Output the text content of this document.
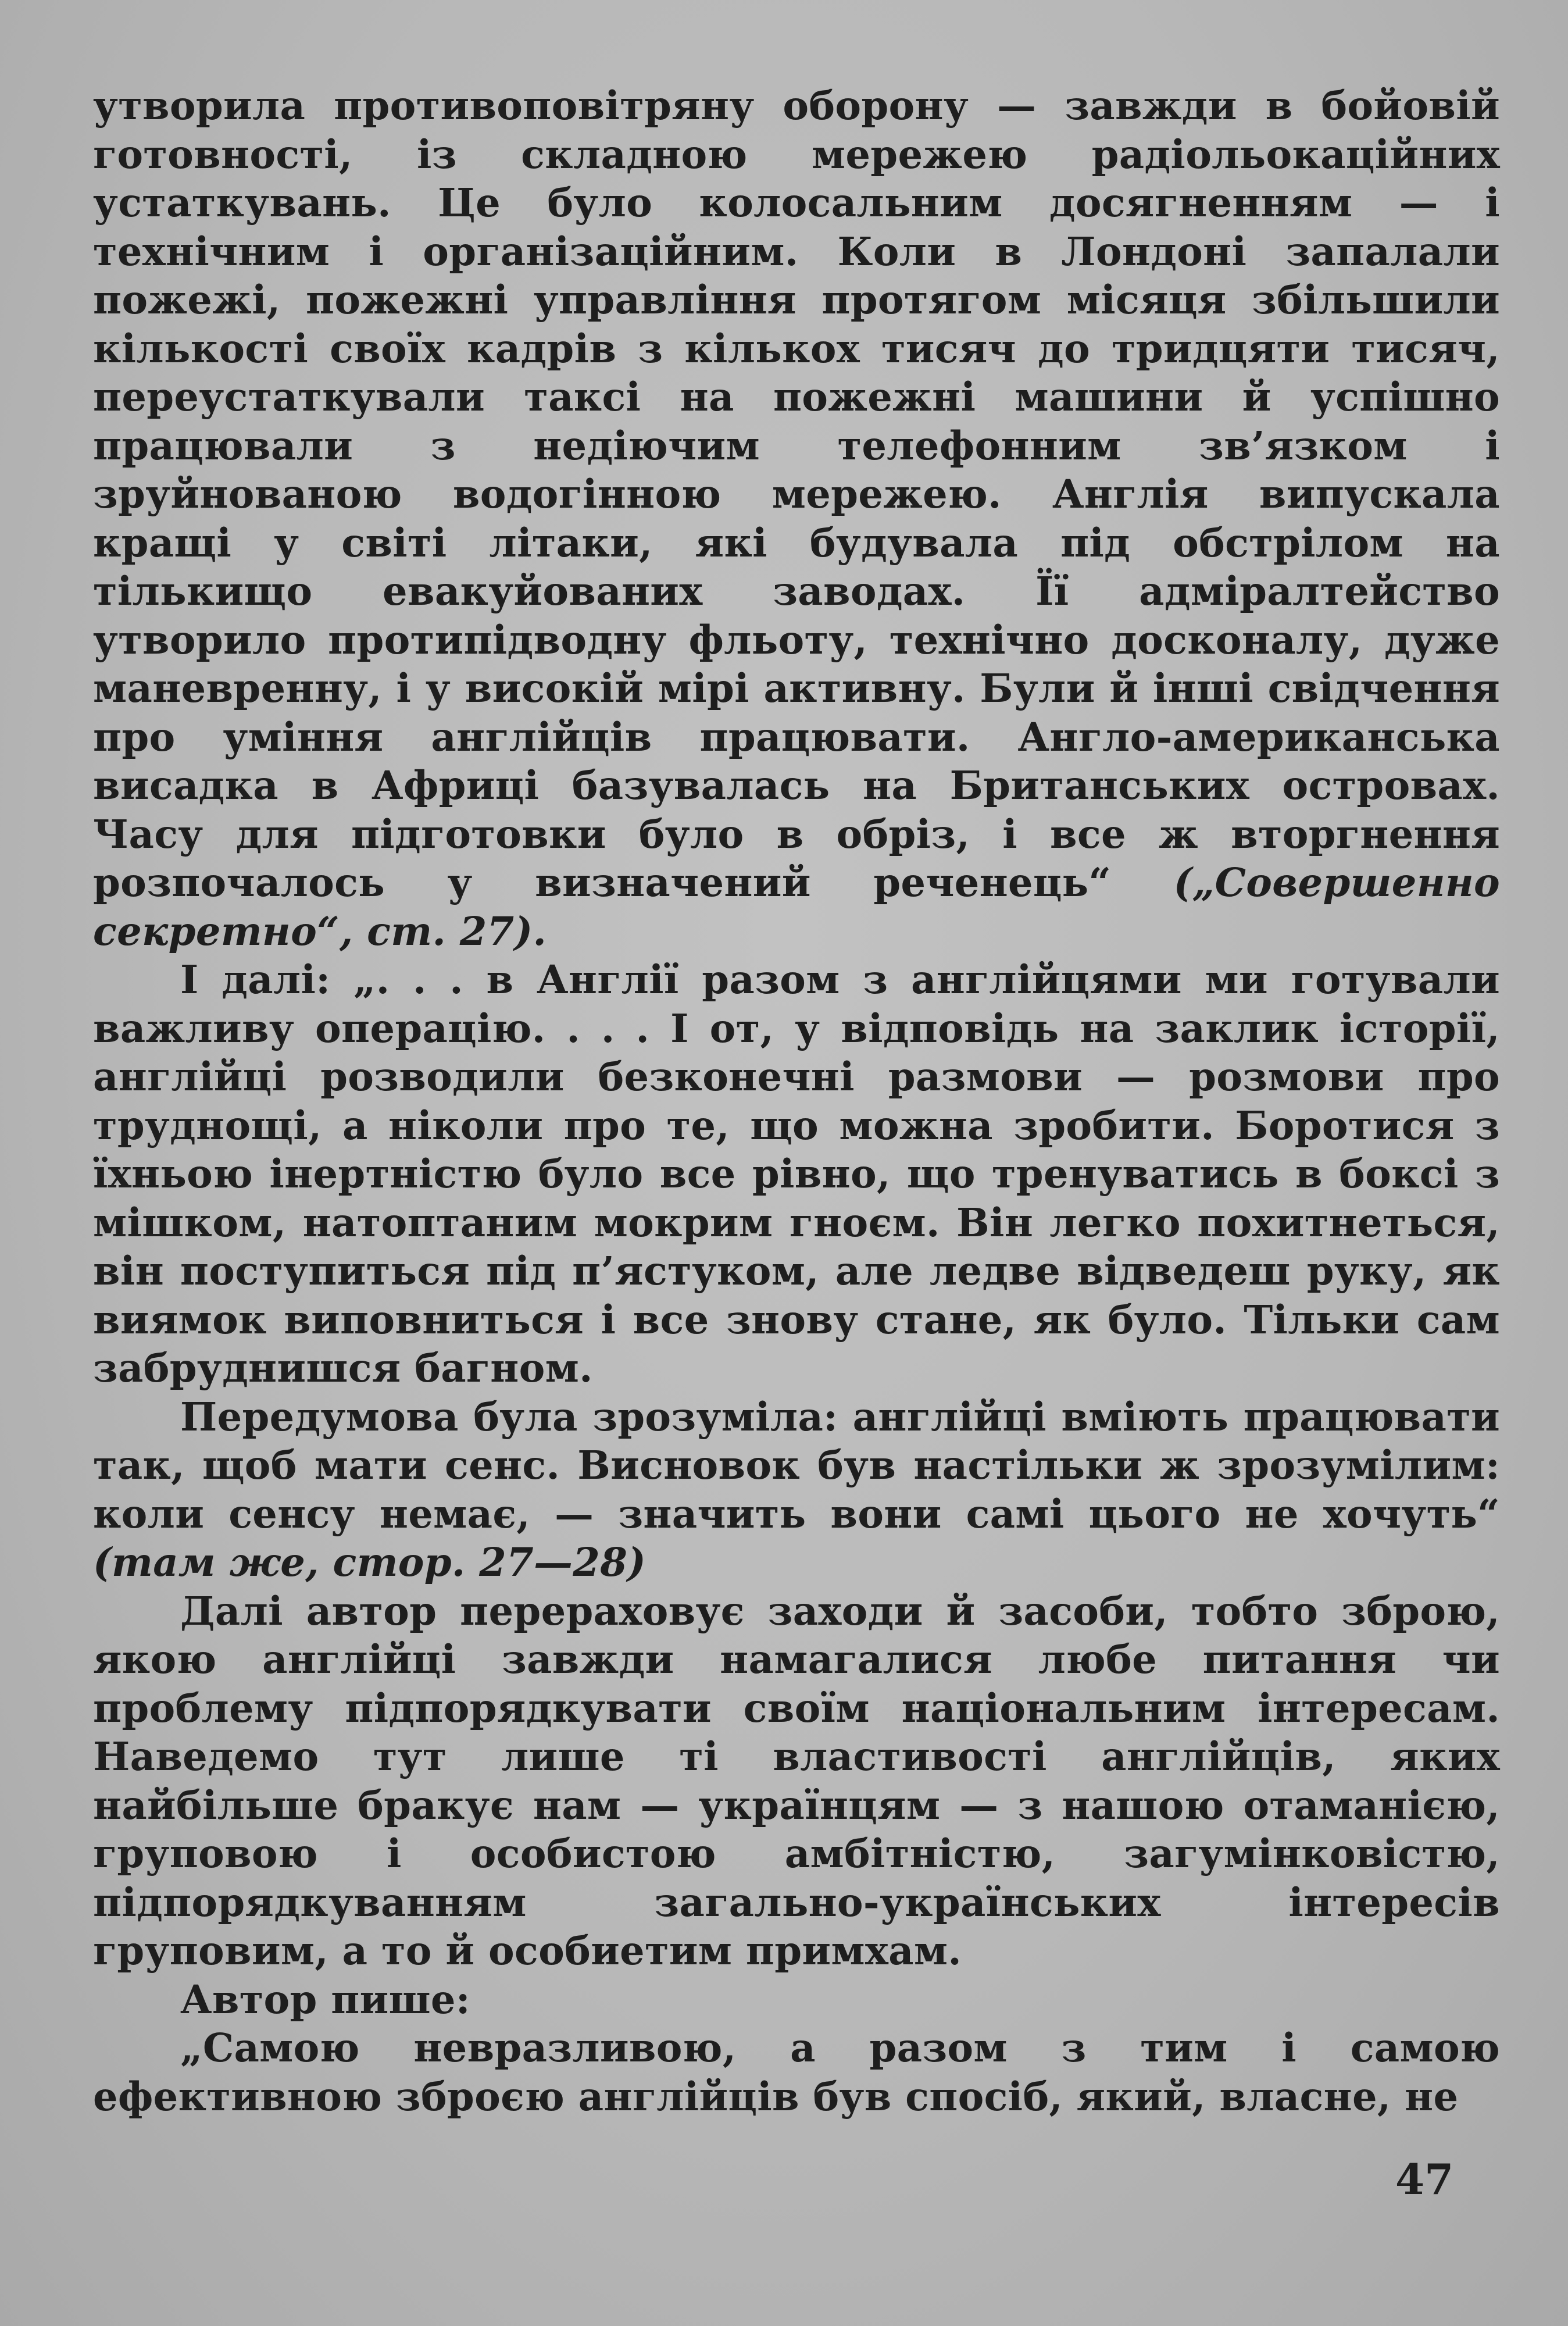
утворила противоповітряну оборону — завжди в бойовій готовності, із складною мережею радіольокаційних устаткувань. Це було колосальним досягненням — і технічним і організаційним. Коли в Лондоні запалали пожежі, пожежні управління протягом місяця збільшили кількості своїх кадрів з кількох тисяч до тридцяти тисяч, переустаткували таксі на пожежні машини й успішно працювали з недіючим телефонним зв’язком і зруйнованою водогінною мережею. Англія випускала кращі у світі літаки, які будувала під обстрілом на тількищо евакуйованих заводах. Її адміралтейство утворило протипідводну фльоту, технічно досконалу, дуже маневренну, і у високій мірі активну. Були й інші свідчення про уміння англійців працювати. Англо-американська висадка в Африці базувалась на Британських островах. Часу для підготовки було в обріз, і все ж вторгнення розпочалось у визначений реченець“ („Совершенно секретно“, ст. 27).

І далі: „. . . в Англії разом з англійцями ми готували важливу операцію. . . . І от, у відповідь на заклик історії, англійці розводили безконечні размови — розмови про труднощі, а ніколи про те, що можна зробити. Боротися з їхньою інертністю було все рівно, що тренуватись в боксі з мішком, натоптаним мокрим гноєм. Він легко похитнеться, він поступиться під п’ястуком, але ледве відведеш руку, як виямок виповниться і все знову стане, як було. Тільки сам забруднишся багном.

Передумова була зрозуміла: англійці вміють працювати так, щоб мати сенс. Висновок був настільки ж зрозумілим: коли сенсу немає, — значить вони самі цього не хочуть“ (там же, стор. 27—28)

Далі автор перераховує заходи й засоби, тобто зброю, якою англійці завжди намагалися любе питання чи проблему підпорядкувати своїм національним інтересам. Наведемо тут лише ті властивості англійців, яких найбільше бракує нам — українцям — з нашою отаманією, груповою і особистою амбітністю, загумінковістю, підпорядкуванням загально-українських інтересів груповим, а то й особиетим примхам.

Автор пише:

„Самою невразливою, а разом з тим і самою ефективною зброєю англійців був спосіб, який, власне, не

47
